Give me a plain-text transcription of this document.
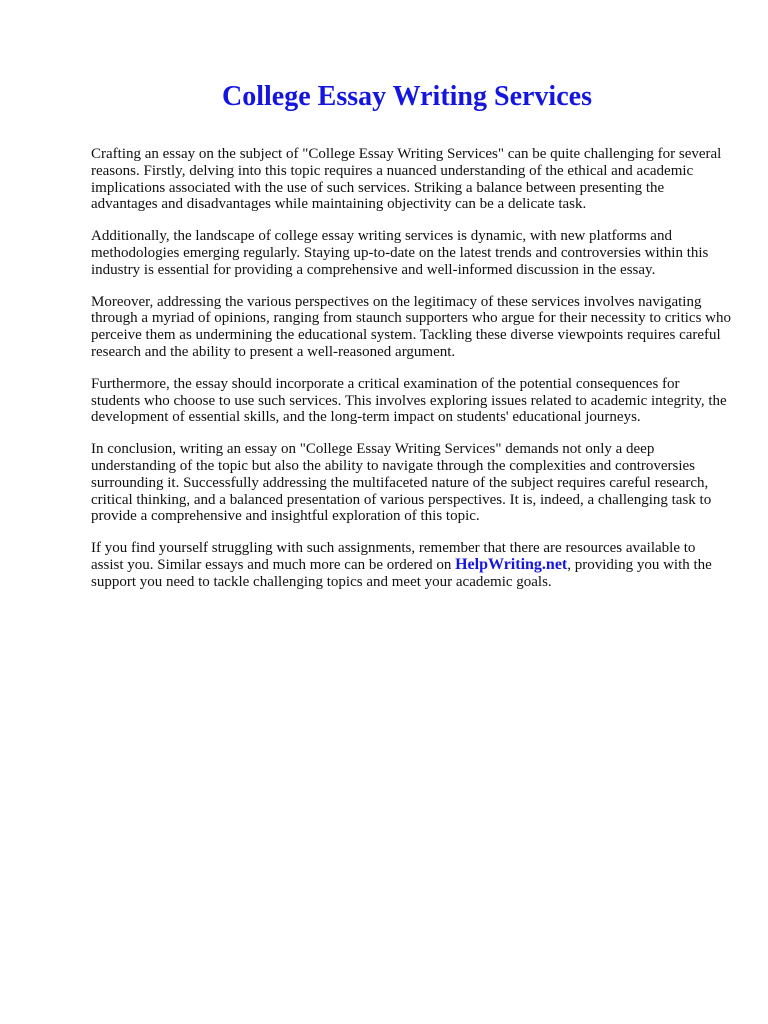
College Essay Writing Services

Crafting an essay on the subject of "College Essay Writing Services" can be quite challenging for several reasons. Firstly, delving into this topic requires a nuanced understanding of the ethical and academic implications associated with the use of such services. Striking a balance between presenting the advantages and disadvantages while maintaining objectivity can be a delicate task.

Additionally, the landscape of college essay writing services is dynamic, with new platforms and methodologies emerging regularly. Staying up-to-date on the latest trends and controversies within this industry is essential for providing a comprehensive and well-informed discussion in the essay.

Moreover, addressing the various perspectives on the legitimacy of these services involves navigating through a myriad of opinions, ranging from staunch supporters who argue for their necessity to critics who perceive them as undermining the educational system. Tackling these diverse viewpoints requires careful research and the ability to present a well-reasoned argument.

Furthermore, the essay should incorporate a critical examination of the potential consequences for students who choose to use such services. This involves exploring issues related to academic integrity, the development of essential skills, and the long-term impact on students' educational journeys.

In conclusion, writing an essay on "College Essay Writing Services" demands not only a deep understanding of the topic but also the ability to navigate through the complexities and controversies surrounding it. Successfully addressing the multifaceted nature of the subject requires careful research, critical thinking, and a balanced presentation of various perspectives. It is, indeed, a challenging task to provide a comprehensive and insightful exploration of this topic.

If you find yourself struggling with such assignments, remember that there are resources available to assist you. Similar essays and much more can be ordered on HelpWriting.net, providing you with the support you need to tackle challenging topics and meet your academic goals.
